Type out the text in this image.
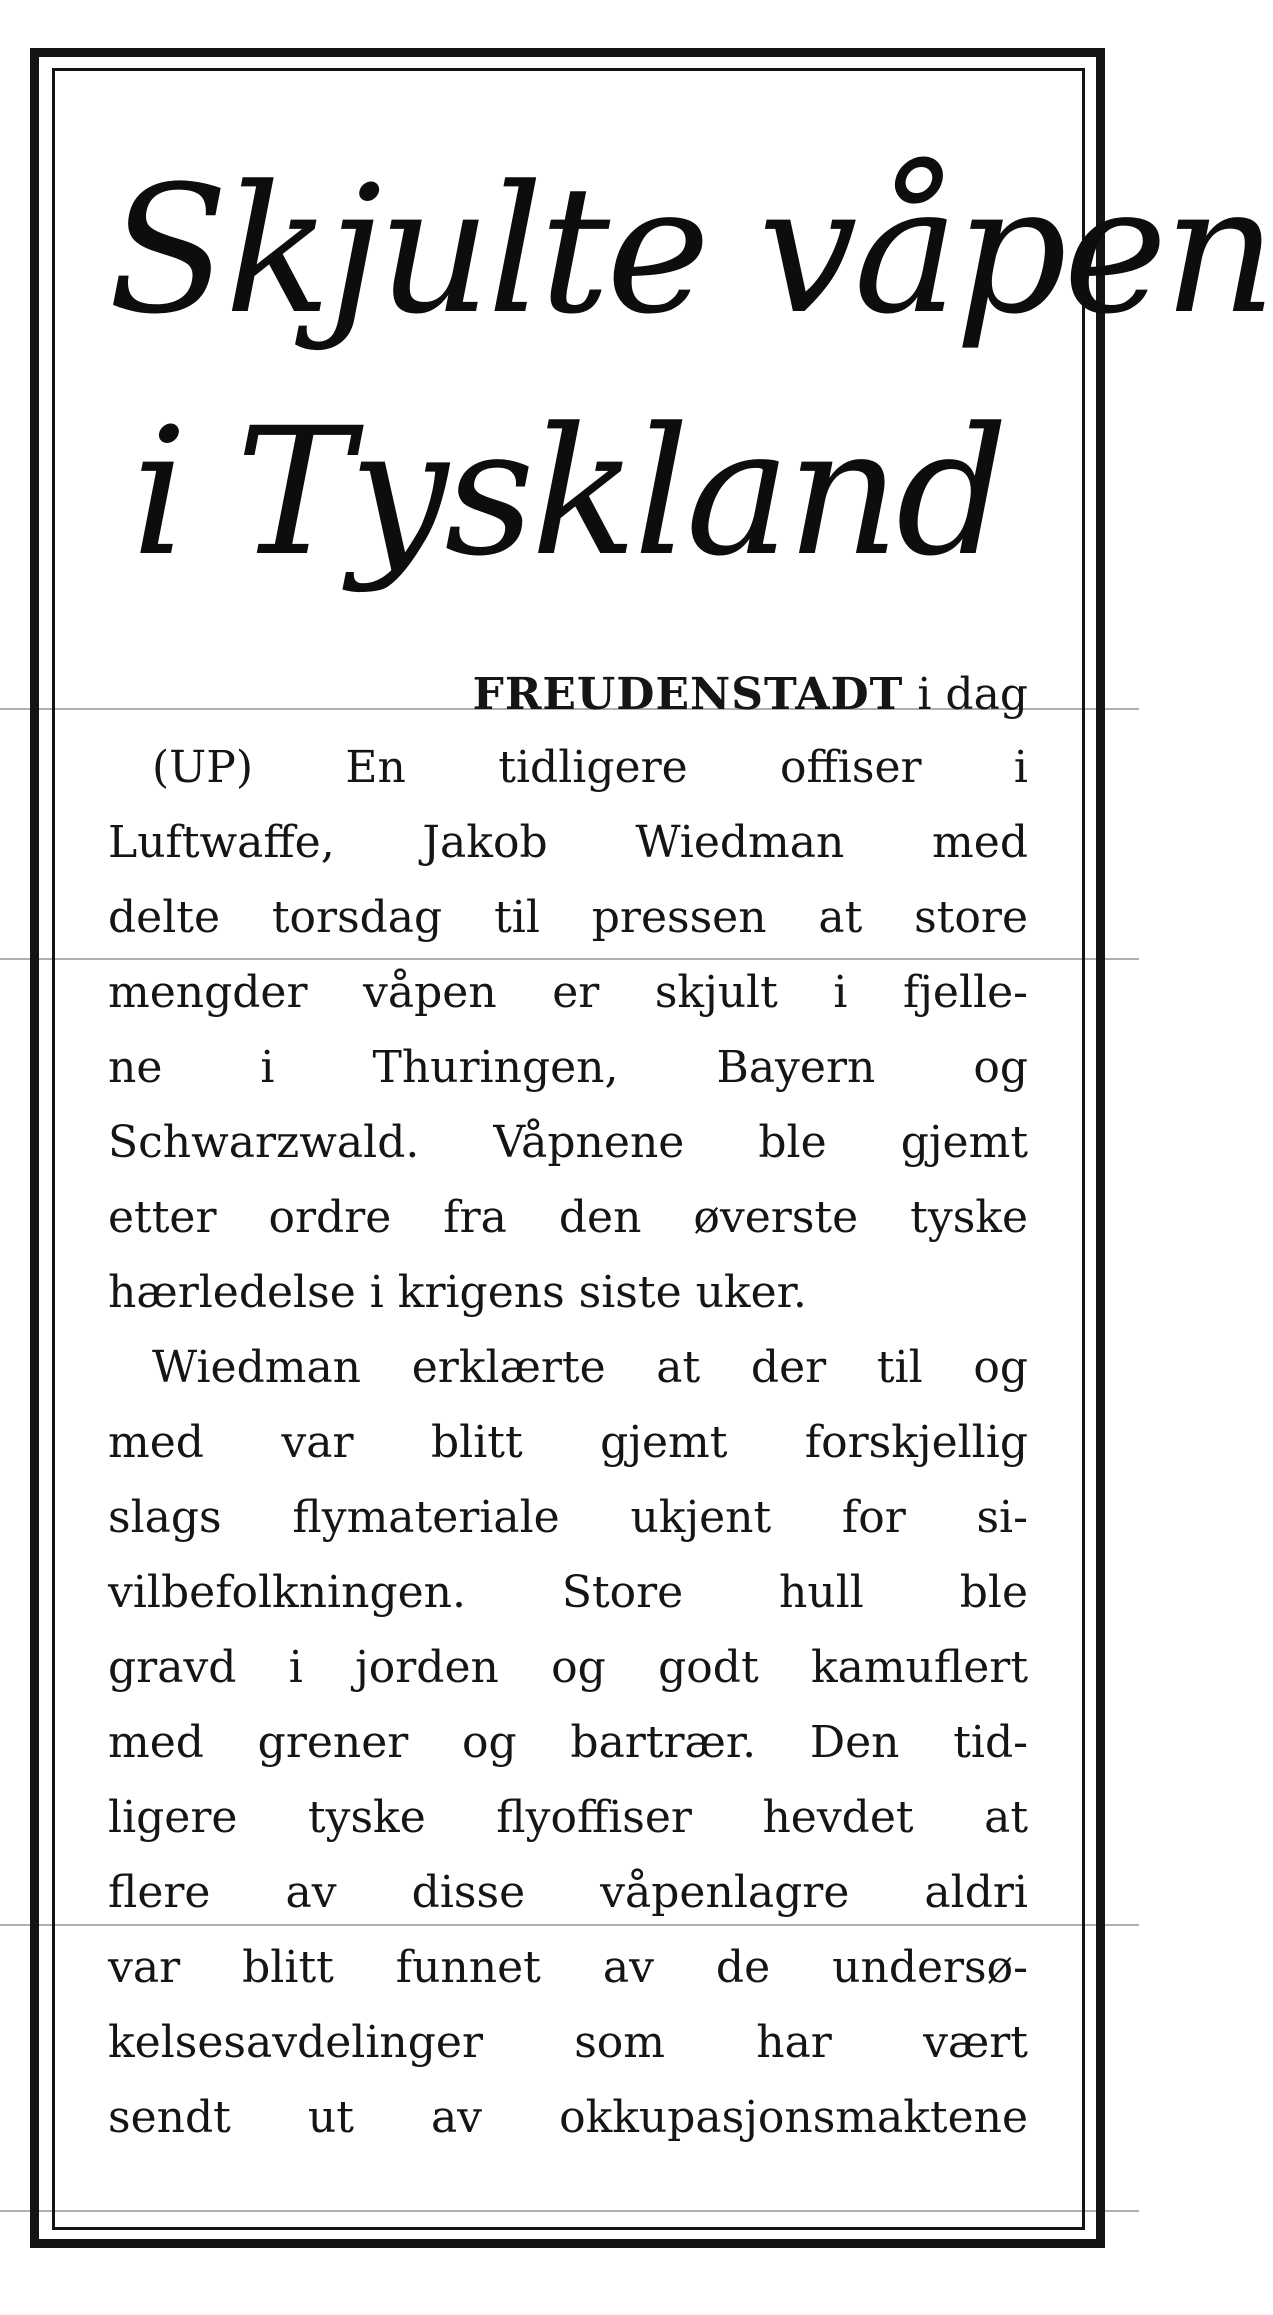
Skjulte våpen
i Tyskland
FREUDENSTADT i dag
(UP) En tidligere offiser i
Luftwaffe, Jakob Wiedman med
delte torsdag til pressen at store
mengder våpen er skjult i fjelle-
ne i Thuringen, Bayern og
Schwarzwald. Våpnene ble gjemt
etter ordre fra den øverste tyske
hærledelse i krigens siste uker.
Wiedman erklærte at der til og
med var blitt gjemt forskjellig
slags flymateriale ukjent for si-
vilbefolkningen. Store hull ble
gravd i jorden og godt kamuflert
med grener og bartrær. Den tid-
ligere tyske flyoffiser hevdet at
flere av disse våpenlagre aldri
var blitt funnet av de undersø-
kelsesavdelinger som har vært
sendt ut av okkupasjonsmaktene
